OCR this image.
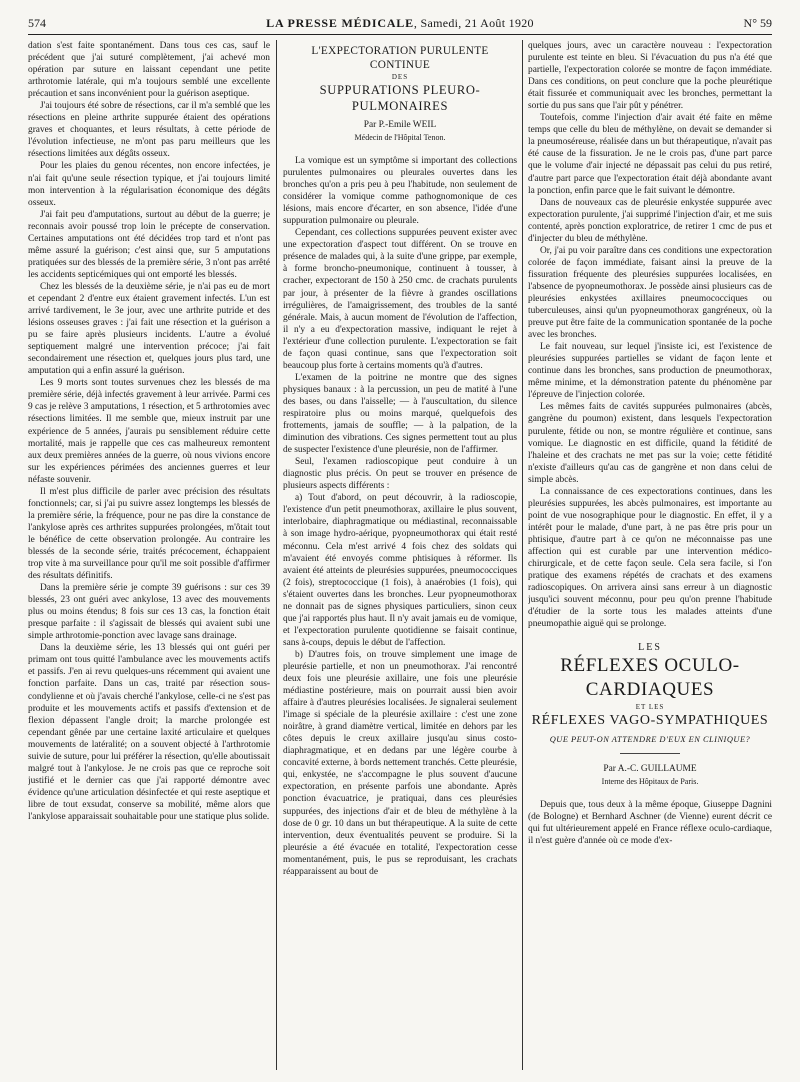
574	LA PRESSE MÉDICALE, Samedi, 21 Août 1920	N° 59

dation s'est faite spontanément. Dans tous ces cas, sauf le précédent que j'ai suturé complètement, j'ai achevé mon opération par suture en laissant cependant une petite arthrotomie latérale, qui m'a toujours semblé une excellente précaution et sans inconvénient pour la guérison aseptique.

J'ai toujours été sobre de résections, car il m'a semblé que les résections en pleine arthrite suppurée étaient des opérations graves et choquantes, et leurs résultats, à cette période de l'évolution infectieuse, ne m'ont pas paru meilleurs que les résections limitées aux dégâts osseux.

Pour les plaies du genou récentes, non encore infectées, je n'ai fait qu'une seule résection typique, et j'ai toujours limité mon intervention à la régularisation économique des dégâts osseux.

J'ai fait peu d'amputations, surtout au début de la guerre; je reconnais avoir poussé trop loin le précepte de conservation. Certaines amputations ont été décidées trop tard et n'ont pas même assuré la guérison; c'est ainsi que, sur 5 amputations pratiquées sur des blessés de la première série, 3 n'ont pas arrêté les accidents septicémiques qui ont emporté les blessés.

Chez les blessés de la deuxième série, je n'ai pas eu de mort et cependant 2 d'entre eux étaient gravement infectés. L'un est arrivé tardivement, le 3e jour, avec une arthrite putride et des lésions osseuses graves : j'ai fait une résection et la guérison a pu se faire après plusieurs incidents. L'autre a évolué septiquement malgré une intervention précoce; j'ai fait secondairement une résection et, quelques jours plus tard, une amputation qui a enfin assuré la guérison.

Les 9 morts sont toutes survenues chez les blessés de ma première série, déjà infectés gravement à leur arrivée. Parmi ces 9 cas je relève 3 amputations, 1 résection, et 5 arthrotomies avec résections limitées. Il me semble que, mieux instruit par une expérience de 5 années, j'aurais pu sensiblement réduire cette mortalité, mais je rappelle que ces cas malheureux remontent aux deux premières années de la guerre, où nous vivions encore sur les expériences périmées des anciennes guerres et leur néfaste souvenir.

Il m'est plus difficile de parler avec précision des résultats fonctionnels; car, si j'ai pu suivre assez longtemps les blessés de la première série, la fréquence, pour ne pas dire la constance de l'ankylose après ces arthrites suppurées prolongées, m'ôtait tout le bénéfice de cette observation prolongée. Au contraire les blessés de la seconde série, traités précocement, échappaient trop vite à ma surveillance pour qu'il me soit possible d'affirmer des résultats définitifs.

Dans la première série je compte 39 guérisons : sur ces 39 blessés, 23 ont guéri avec ankylose, 13 avec des mouvements plus ou moins étendus; 8 fois sur ces 13 cas, la fonction était presque parfaite : il s'agissait de blessés qui avaient subi une simple arthrotomie-ponction avec lavage sans drainage.

Dans la deuxième série, les 13 blessés qui ont guéri per primam ont tous quitté l'ambulance avec les mouvements actifs et passifs. J'en ai revu quelques-uns récemment qui avaient une fonction parfaite. Dans un cas, traité par résection sous-condylienne et où j'avais cherché l'ankylose, celle-ci ne s'est pas produite et les mouvements actifs et passifs d'extension et de flexion dépassent l'angle droit; la marche prolongée est cependant gênée par une certaine laxité articulaire et quelques mouvements de latéralité; on a souvent objecté à l'arthrotomie suivie de suture, pour lui préférer la résection, qu'elle aboutissait malgré tout à l'ankylose. Je ne crois pas que ce reproche soit justifié et le dernier cas que j'ai rapporté démontre avec évidence qu'une articulation désinfectée et qui reste aseptique et libre de tout exsudat, conserve sa mobilité, même alors que l'ankylose apparaissait souhaitable pour une statique plus solide.

L'EXPECTORATION PURULENTE CONTINUE
DES
SUPPURATIONS PLEURO-PULMONAIRES
Par P.-Emile WEIL
Médecin de l'Hôpital Tenon.

La vomique est un symptôme si important des collections purulentes pulmonaires ou pleurales ouvertes dans les bronches qu'on a pris peu à peu l'habitude, non seulement de considérer la vomique comme pathognomonique de ces lésions, mais encore d'écarter, en son absence, l'idée d'une suppuration pulmonaire ou pleurale.

Cependant, ces collections suppurées peuvent exister avec une expectoration d'aspect tout différent. On se trouve en présence de malades qui, à la suite d'une grippe, par exemple, à forme broncho-pneumonique, continuent à tousser, à cracher, expectorant de 150 à 250 cmc. de crachats purulents par jour, à présenter de la fièvre à grandes oscillations irrégulières, de l'amaigrissement, des troubles de la santé générale. Mais, à aucun moment de l'évolution de l'affection, il n'y a eu d'expectoration massive, indiquant le rejet à l'extérieur d'une collection purulente. L'expectoration se fait de façon quasi continue, sans que l'expectoration soit beaucoup plus forte à certains moments qu'à d'autres.

L'examen de la poitrine ne montre que des signes physiques banaux : à la percussion, un peu de matité à l'une des bases, ou dans l'aisselle; — à l'auscultation, du silence respiratoire plus ou moins marqué, quelquefois des frottements, jamais de souffle; — à la palpation, de la diminution des vibrations. Ces signes permettent tout au plus de suspecter l'existence d'une pleurésie, non de l'affirmer.

Seul, l'examen radioscopique peut conduire à un diagnostic plus précis. On peut se trouver en présence de plusieurs aspects différents :

a) Tout d'abord, on peut découvrir, à la radioscopie, l'existence d'un petit pneumothorax, axillaire le plus souvent, interlobaire, diaphragmatique ou médiastinal, reconnaissable à son image hydro-aérique, pyopneumothorax qui était resté méconnu. Cela m'est arrivé 4 fois chez des soldats qui m'avaient été envoyés comme phtisiques à réformer. Ils avaient été atteints de pleurésies suppurées, pneumococciques (2 fois), streptococcique (1 fois), à anaérobies (1 fois), qui s'étaient ouvertes dans les bronches. Leur pyopneumothorax ne donnait pas de signes physiques particuliers, sinon ceux que j'ai rapportés plus haut. Il n'y avait jamais eu de vomique, et l'expectoration purulente quotidienne se faisait continue, sans à-coups, depuis le début de l'affection.

b) D'autres fois, on trouve simplement une image de pleurésie partielle, et non un pneumothorax. J'ai rencontré deux fois une pleurésie axillaire, une fois une pleurésie médiastine postérieure, mais on pourrait aussi bien avoir affaire à d'autres pleurésies localisées. Je signalerai seulement l'image si spéciale de la pleurésie axillaire : c'est une zone noirâtre, à grand diamètre vertical, limitée en dehors par les côtes depuis le creux axillaire jusqu'au sinus costo-diaphragmatique, et en dedans par une légère courbe à concavité externe, à bords nettement tranchés. Cette pleurésie, qui, enkystée, ne s'accompagne le plus souvent d'aucune expectoration, en présente parfois une abondante. Après ponction évacuatrice, je pratiquai, dans ces pleurésies suppurées, des injections d'air et de bleu de méthylène à la dose de 0 gr. 10 dans un but thérapeutique. A la suite de cette intervention, deux éventualités peuvent se produire. Si la pleurésie a été évacuée en totalité, l'expectoration cesse momentanément, puis, le pus se reproduisant, les crachats réapparaissent au bout de

quelques jours, avec un caractère nouveau : l'expectoration purulente est teinte en bleu. Si l'évacuation du pus n'a été que partielle, l'expectoration colorée se montre de façon immédiate. Dans ces conditions, on peut conclure que la poche pleurétique était fissurée et communiquait avec les bronches, permettant la sortie du pus sans que l'air pût y pénétrer.

Toutefois, comme l'injection d'air avait été faite en même temps que celle du bleu de méthylène, on devait se demander si la pneumoséreuse, réalisée dans un but thérapeutique, n'avait pas été cause de la fissuration. Je ne le crois pas, d'une part parce que le volume d'air injecté ne dépassait pas celui du pus retiré, d'autre part parce que l'expectoration était déjà abondante avant la ponction, enfin parce que le fait suivant le démontre.

Dans de nouveaux cas de pleurésie enkystée suppurée avec expectoration purulente, j'ai supprimé l'injection d'air, et me suis contenté, après ponction exploratrice, de retirer 1 cmc de pus et d'injecter du bleu de méthylène.

Or, j'ai pu voir paraître dans ces conditions une expectoration colorée de façon immédiate, faisant ainsi la preuve de la fissuration fréquente des pleurésies suppurées localisées, en l'absence de pyopneumothorax. Je possède ainsi plusieurs cas de pleurésies enkystées axillaires pneumococciques ou tuberculeuses, ainsi qu'un pyopneumothorax gangréneux, où la preuve put être faite de la communication spontanée de la poche avec les bronches.

Le fait nouveau, sur lequel j'insiste ici, est l'existence de pleurésies suppurées partielles se vidant de façon lente et continue dans les bronches, sans production de pneumothorax, même minime, et la démonstration patente du phénomène par l'épreuve de l'injection colorée.

Les mêmes faits de cavités suppurées pulmonaires (abcès, gangrène du poumon) existent, dans lesquels l'expectoration purulente, fétide ou non, se montre régulière et continue, sans vomique. Le diagnostic en est difficile, quand la fétidité de l'haleine et des crachats ne met pas sur la voie; cette fétidité n'existe d'ailleurs qu'au cas de gangrène et non dans celui de simple abcès.

La connaissance de ces expectorations continues, dans les pleurésies suppurées, les abcès pulmonaires, est importante au point de vue nosographique pour le diagnostic. En effet, il y a intérêt pour le malade, d'une part, à ne pas être pris pour un phtisique, d'autre part à ce qu'on ne méconnaisse pas une affection qui est curable par une intervention médico-chirurgicale, et de cette façon seule. Cela sera facile, si l'on pratique des examens répétés de crachats et des examens radioscopiques. On arrivera ainsi sans erreur à un diagnostic jusqu'ici souvent méconnu, pour peu qu'on prenne l'habitude d'étudier de la sorte tous les malades atteints d'une pneumopathie aiguë qui se prolonge.

LES
RÉFLEXES OCULO-CARDIAQUES
ET LES
RÉFLEXES VAGO-SYMPATHIQUES
QUE PEUT-ON ATTENDRE D'EUX EN CLINIQUE?
Par A.-C. GUILLAUME
Interne des Hôpitaux de Paris.

Depuis que, tous deux à la même époque, Giuseppe Dagnini (de Bologne) et Bernhard Aschner (de Vienne) eurent décrit ce qui fut ultérieurement appelé en France réflexe oculo-cardiaque, il n'est guère d'année où ce mode d'ex-
